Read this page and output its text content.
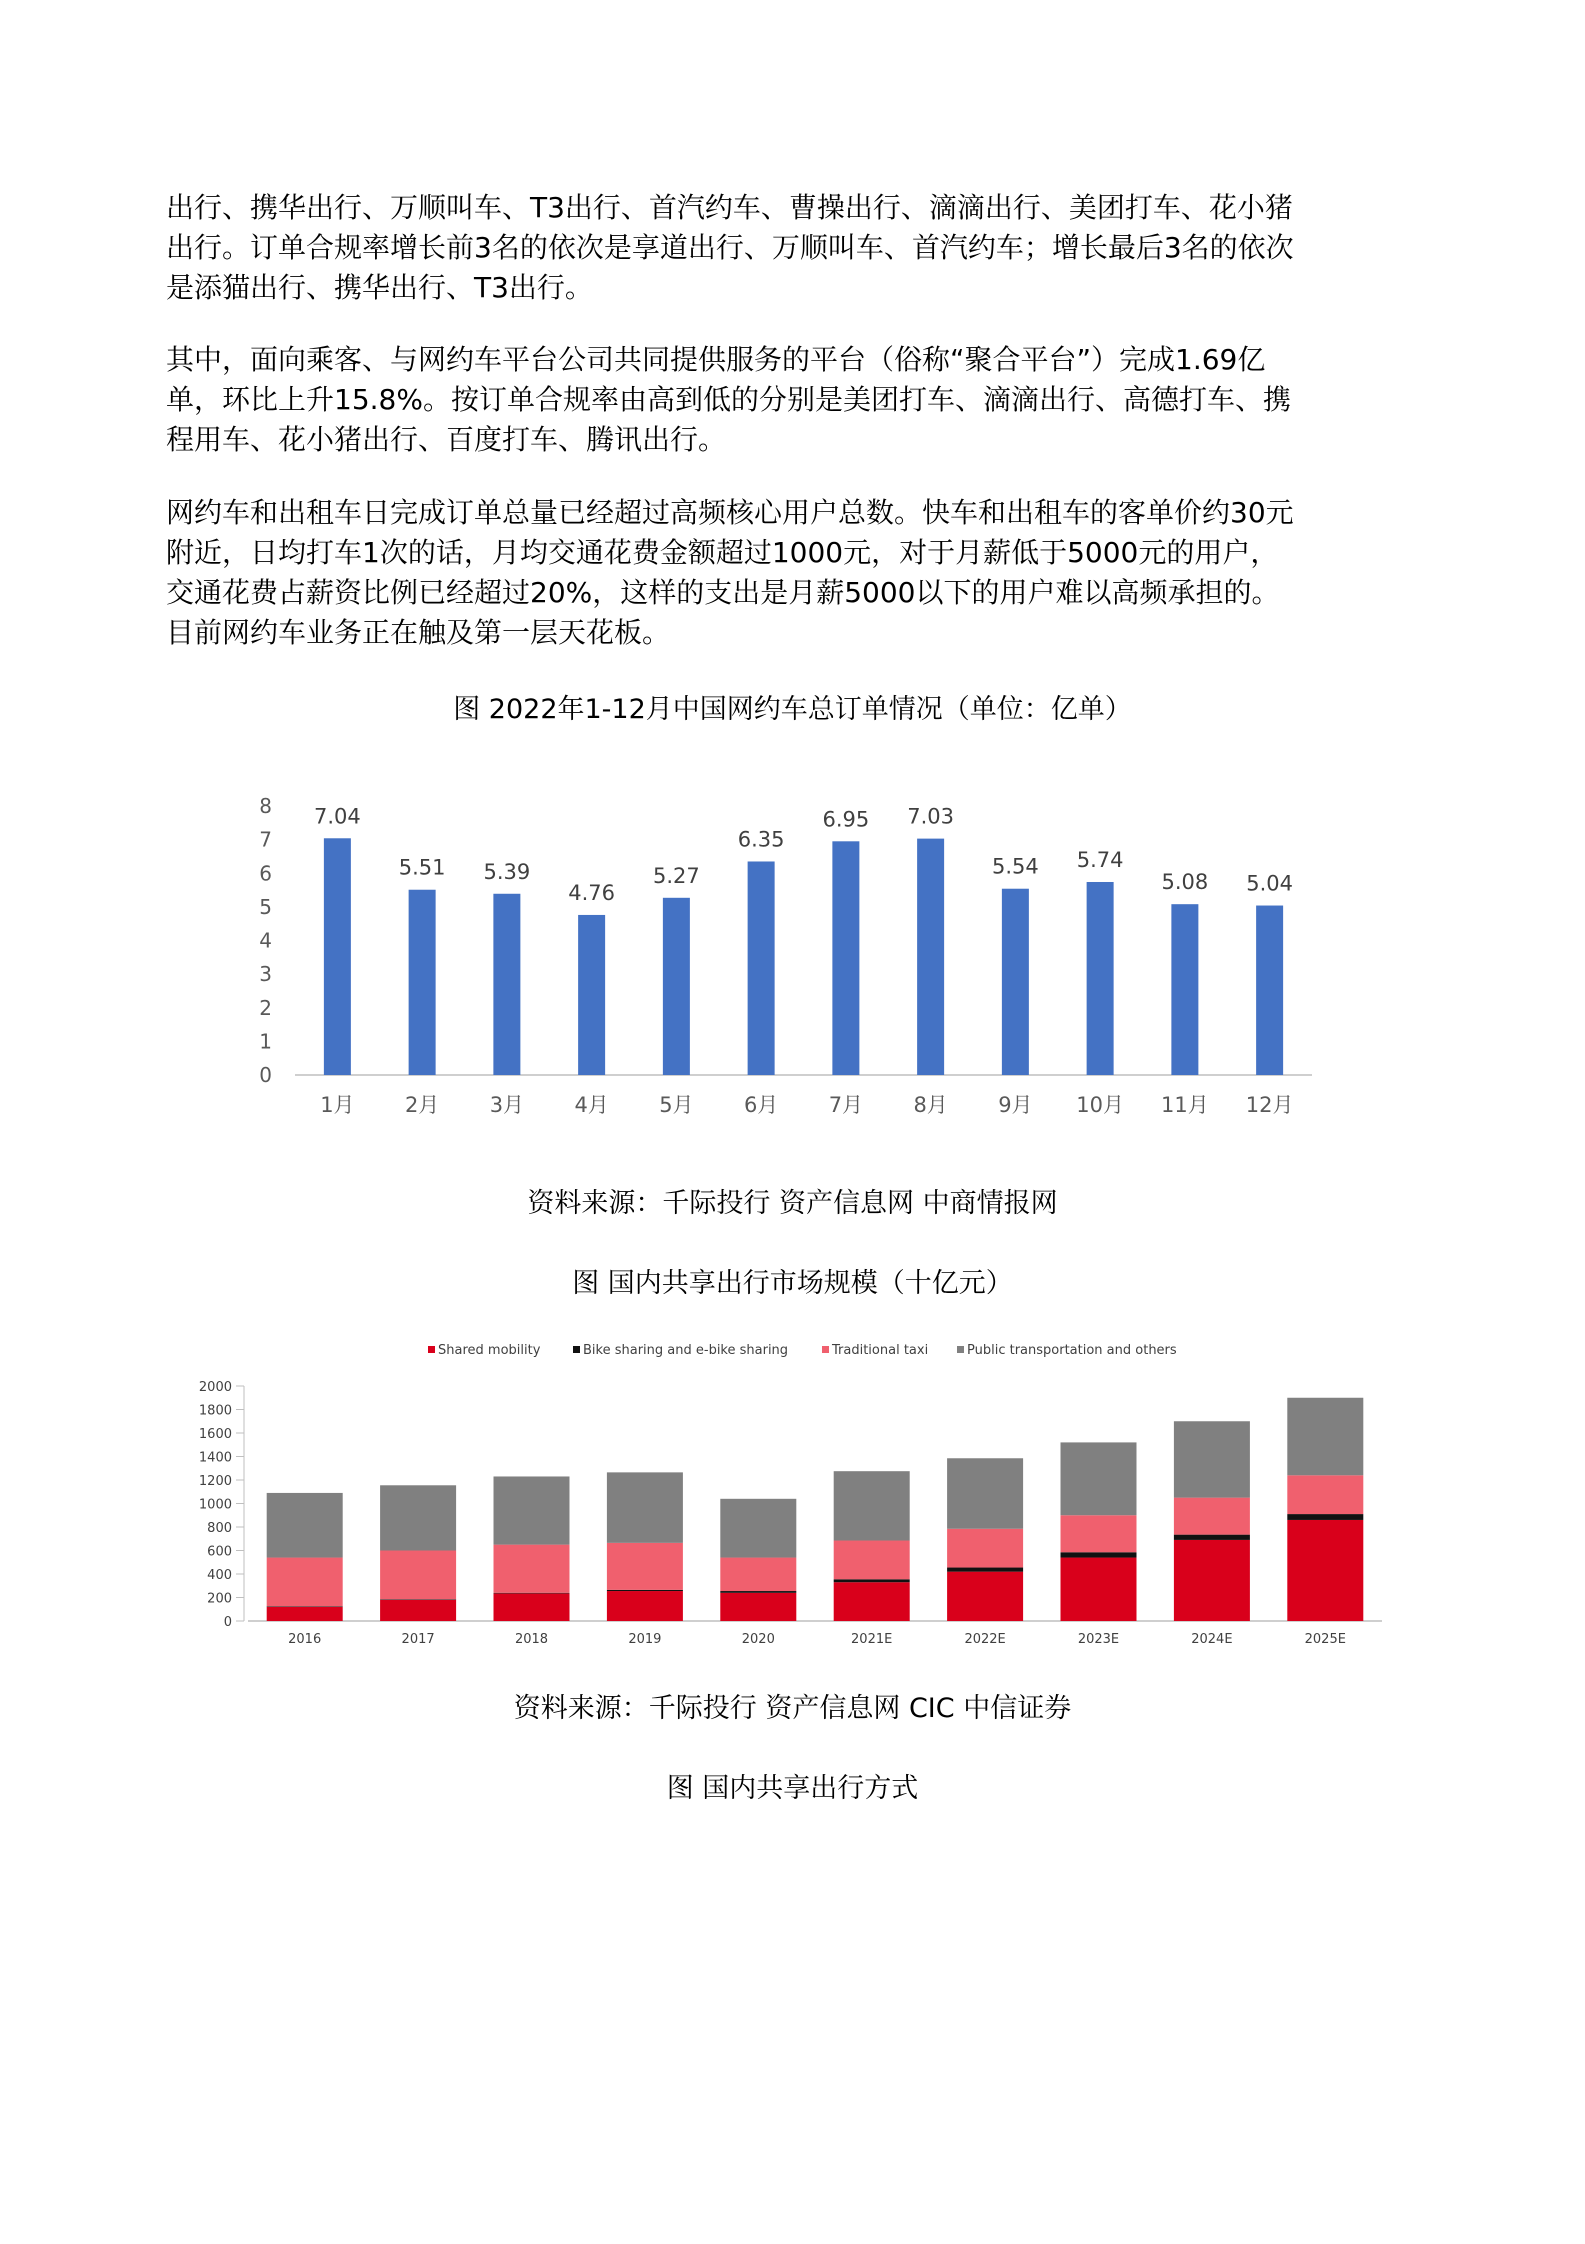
出行、携华出行、万顺叫车、T3出行、首汽约车、曹操出行、滴滴出行、美团打车、花小猪
出行。订单合规率增长前3名的依次是享道出行、万顺叫车、首汽约车；增长最后3名的依次
是添猫出行、携华出行、T3出行。
其中，面向乘客、与网约车平台公司共同提供服务的平台（俗称“聚合平台”）完成1.69亿
单，环比上升15.8%。按订单合规率由高到低的分别是美团打车、滴滴出行、高德打车、携
程用车、花小猪出行、百度打车、腾讯出行。
网约车和出租车日完成订单总量已经超过高频核心用户总数。快车和出租车的客单价约30元
附近，日均打车1次的话，月均交通花费金额超过1000元，对于月薪低于5000元的用户，
交通花费占薪资比例已经超过20%，这样的支出是月薪5000以下的用户难以高频承担的。
目前网约车业务正在触及第一层天花板。

图 2022年1-12月中国网约车总订单情况（单位：亿单）

0
1
2
3
4
5
6
7
8 7.04
1月
5.51
2月
5.39
3月
4.76
4月
5.27
5月
6.35
6月
6.95
7月
7.03
8月
5.54
9月
5.74
10月
5.08
11月
5.04
12月

资料来源：千际投行 资产信息网 中商情报网

图 国内共享出行市场规模（十亿元）

Shared mobility	Bike sharing and e-bike sharing	Traditional taxi	Public transportation and others
0
200
400
600
800
1000
1200
1400
1600
1800
2000
2016	2017	2018	2019	2020	2021E	2022E	2023E	2024E	2025E

资料来源：千际投行 资产信息网 CIC 中信证券

图 国内共享出行方式
